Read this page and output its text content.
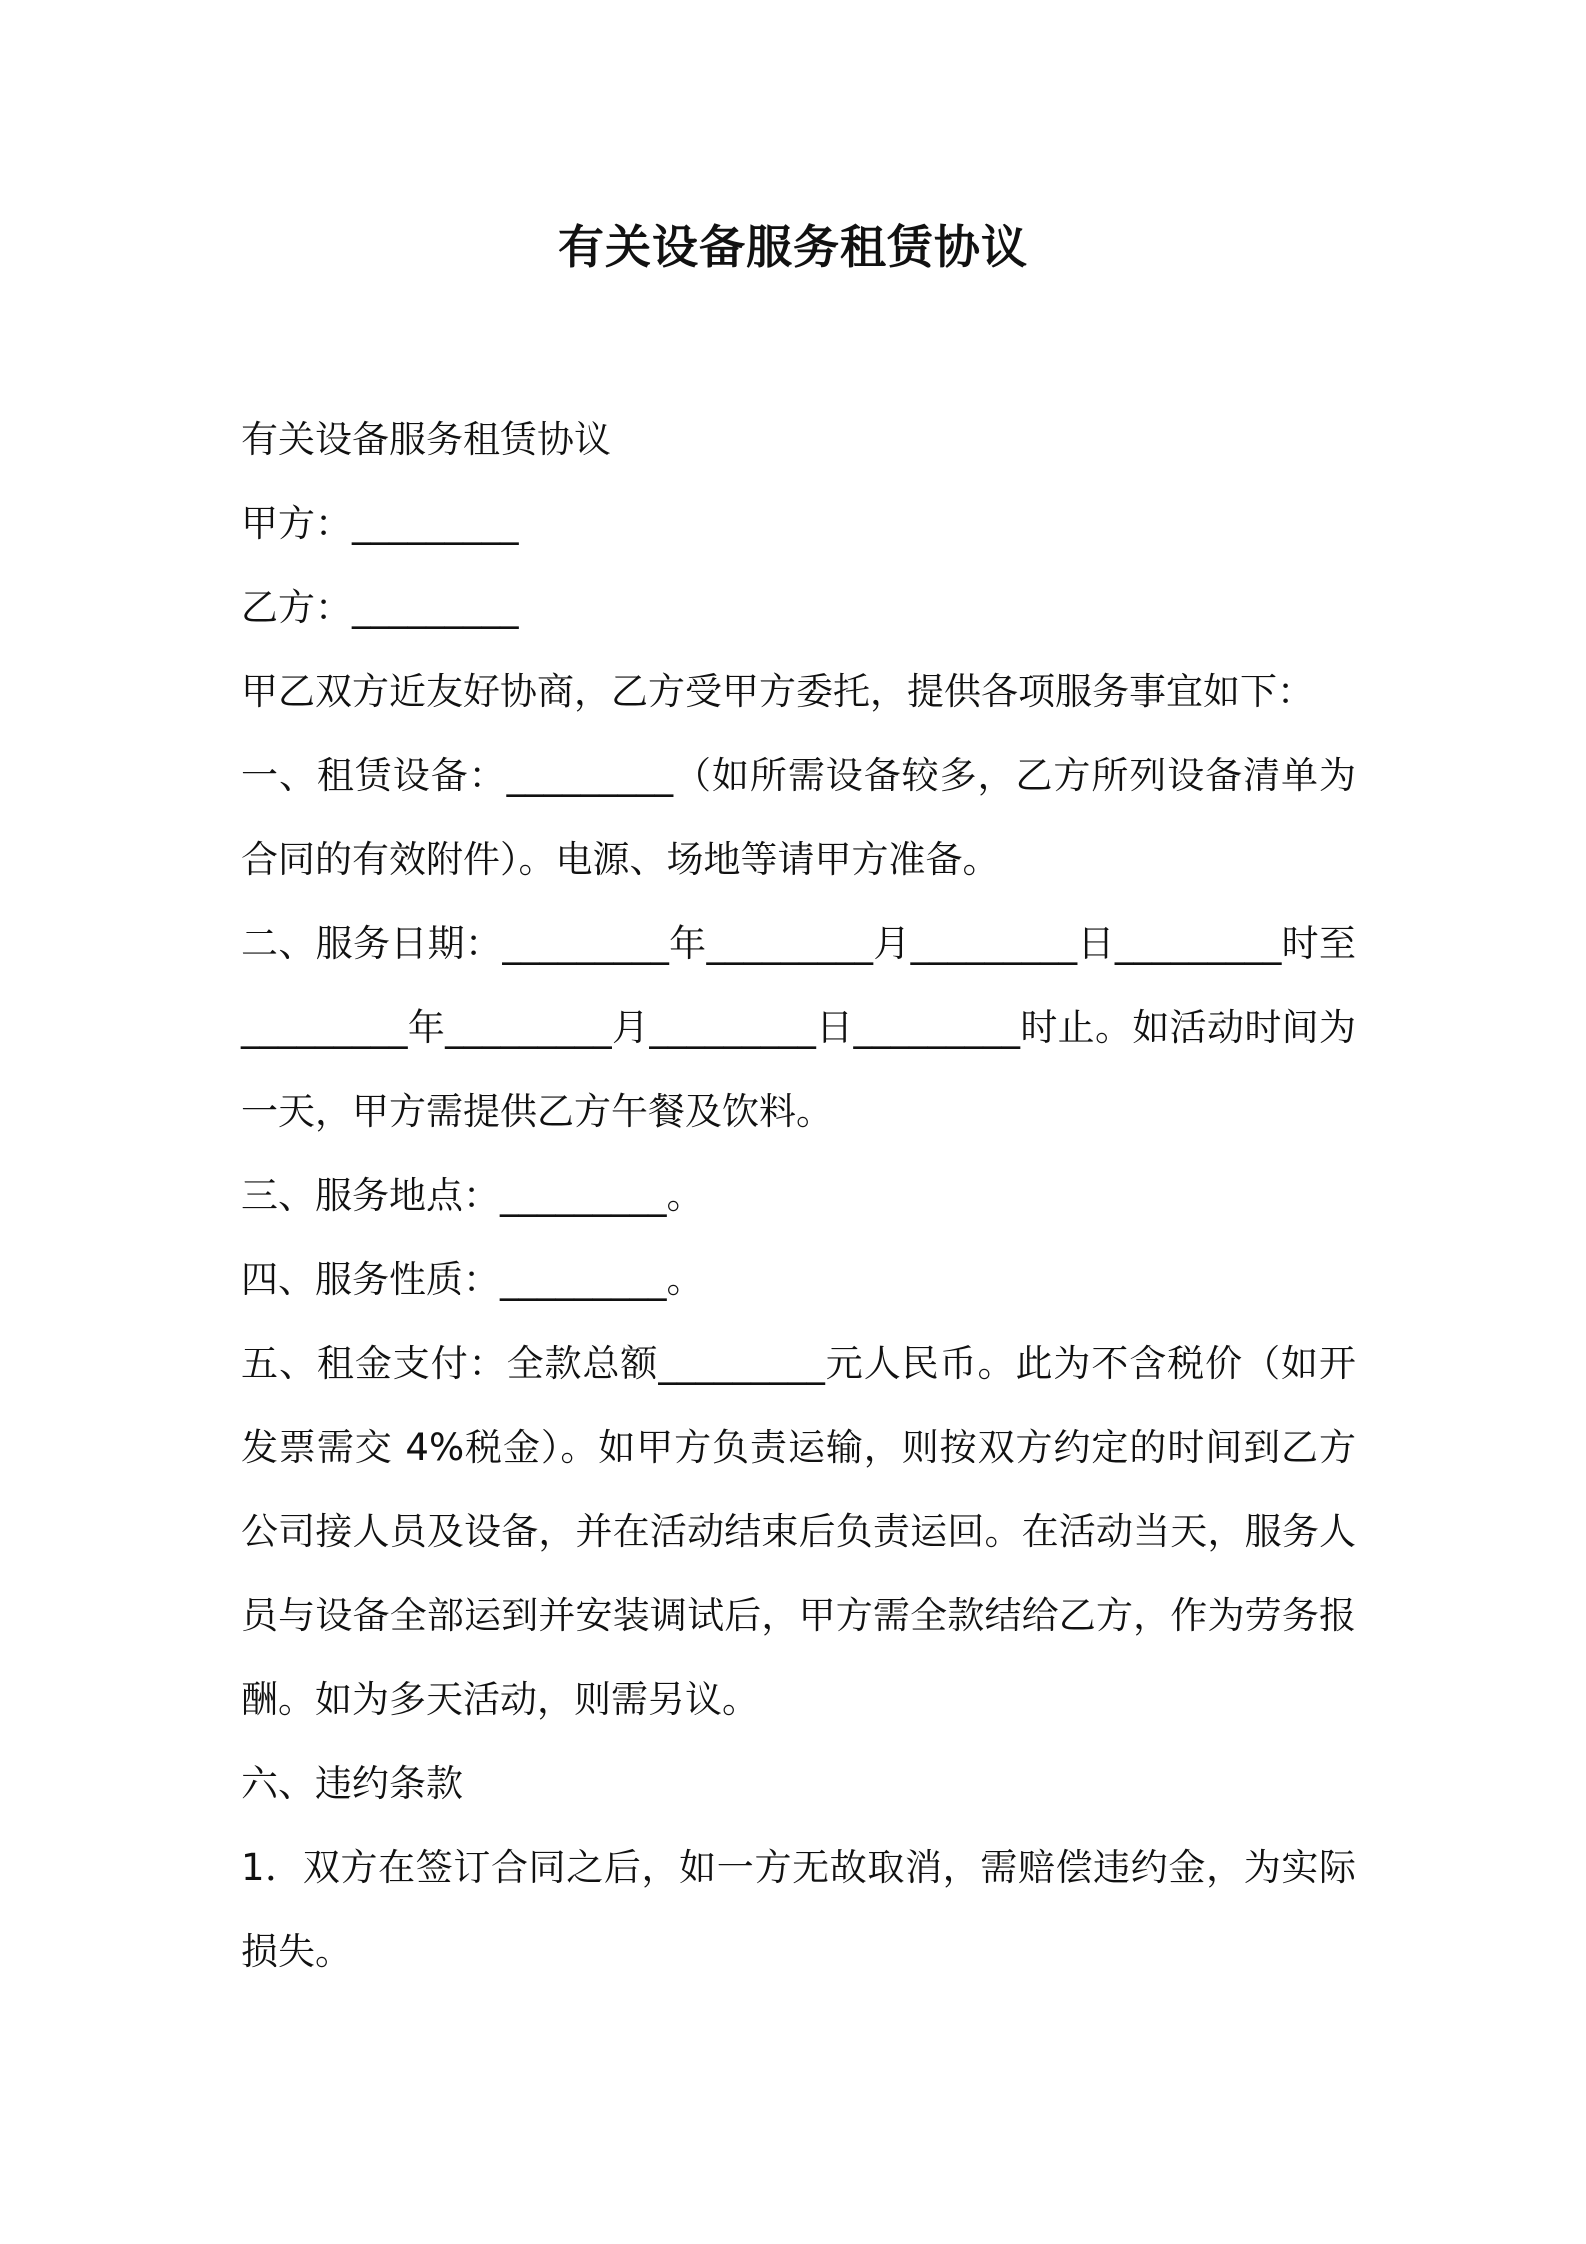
有关设备服务租赁协议

有关设备服务租赁协议

甲方：_________

乙方：_________

甲乙双方近友好协商，乙方受甲方委托，提供各项服务事宜如下：

一、租赁设备：_________（如所需设备较多，乙方所列设备清单为合同的有效附件）。电源、场地等请甲方准备。

二、服务日期：_________年_________月_________日_________时至_________年_________月_________日_________时止。如活动时间为一天，甲方需提供乙方午餐及饮料。

三、服务地点：_________。

四、服务性质：_________。

五、租金支付：全款总额_________元人民币。此为不含税价（如开发票需交 4%税金）。如甲方负责运输，则按双方约定的时间到乙方公司接人员及设备，并在活动结束后负责运回。在活动当天，服务人员与设备全部运到并安装调试后，甲方需全款结给乙方，作为劳务报酬。如为多天活动，则需另议。

六、违约条款

1．双方在签订合同之后，如一方无故取消，需赔偿违约金，为实际损失。
